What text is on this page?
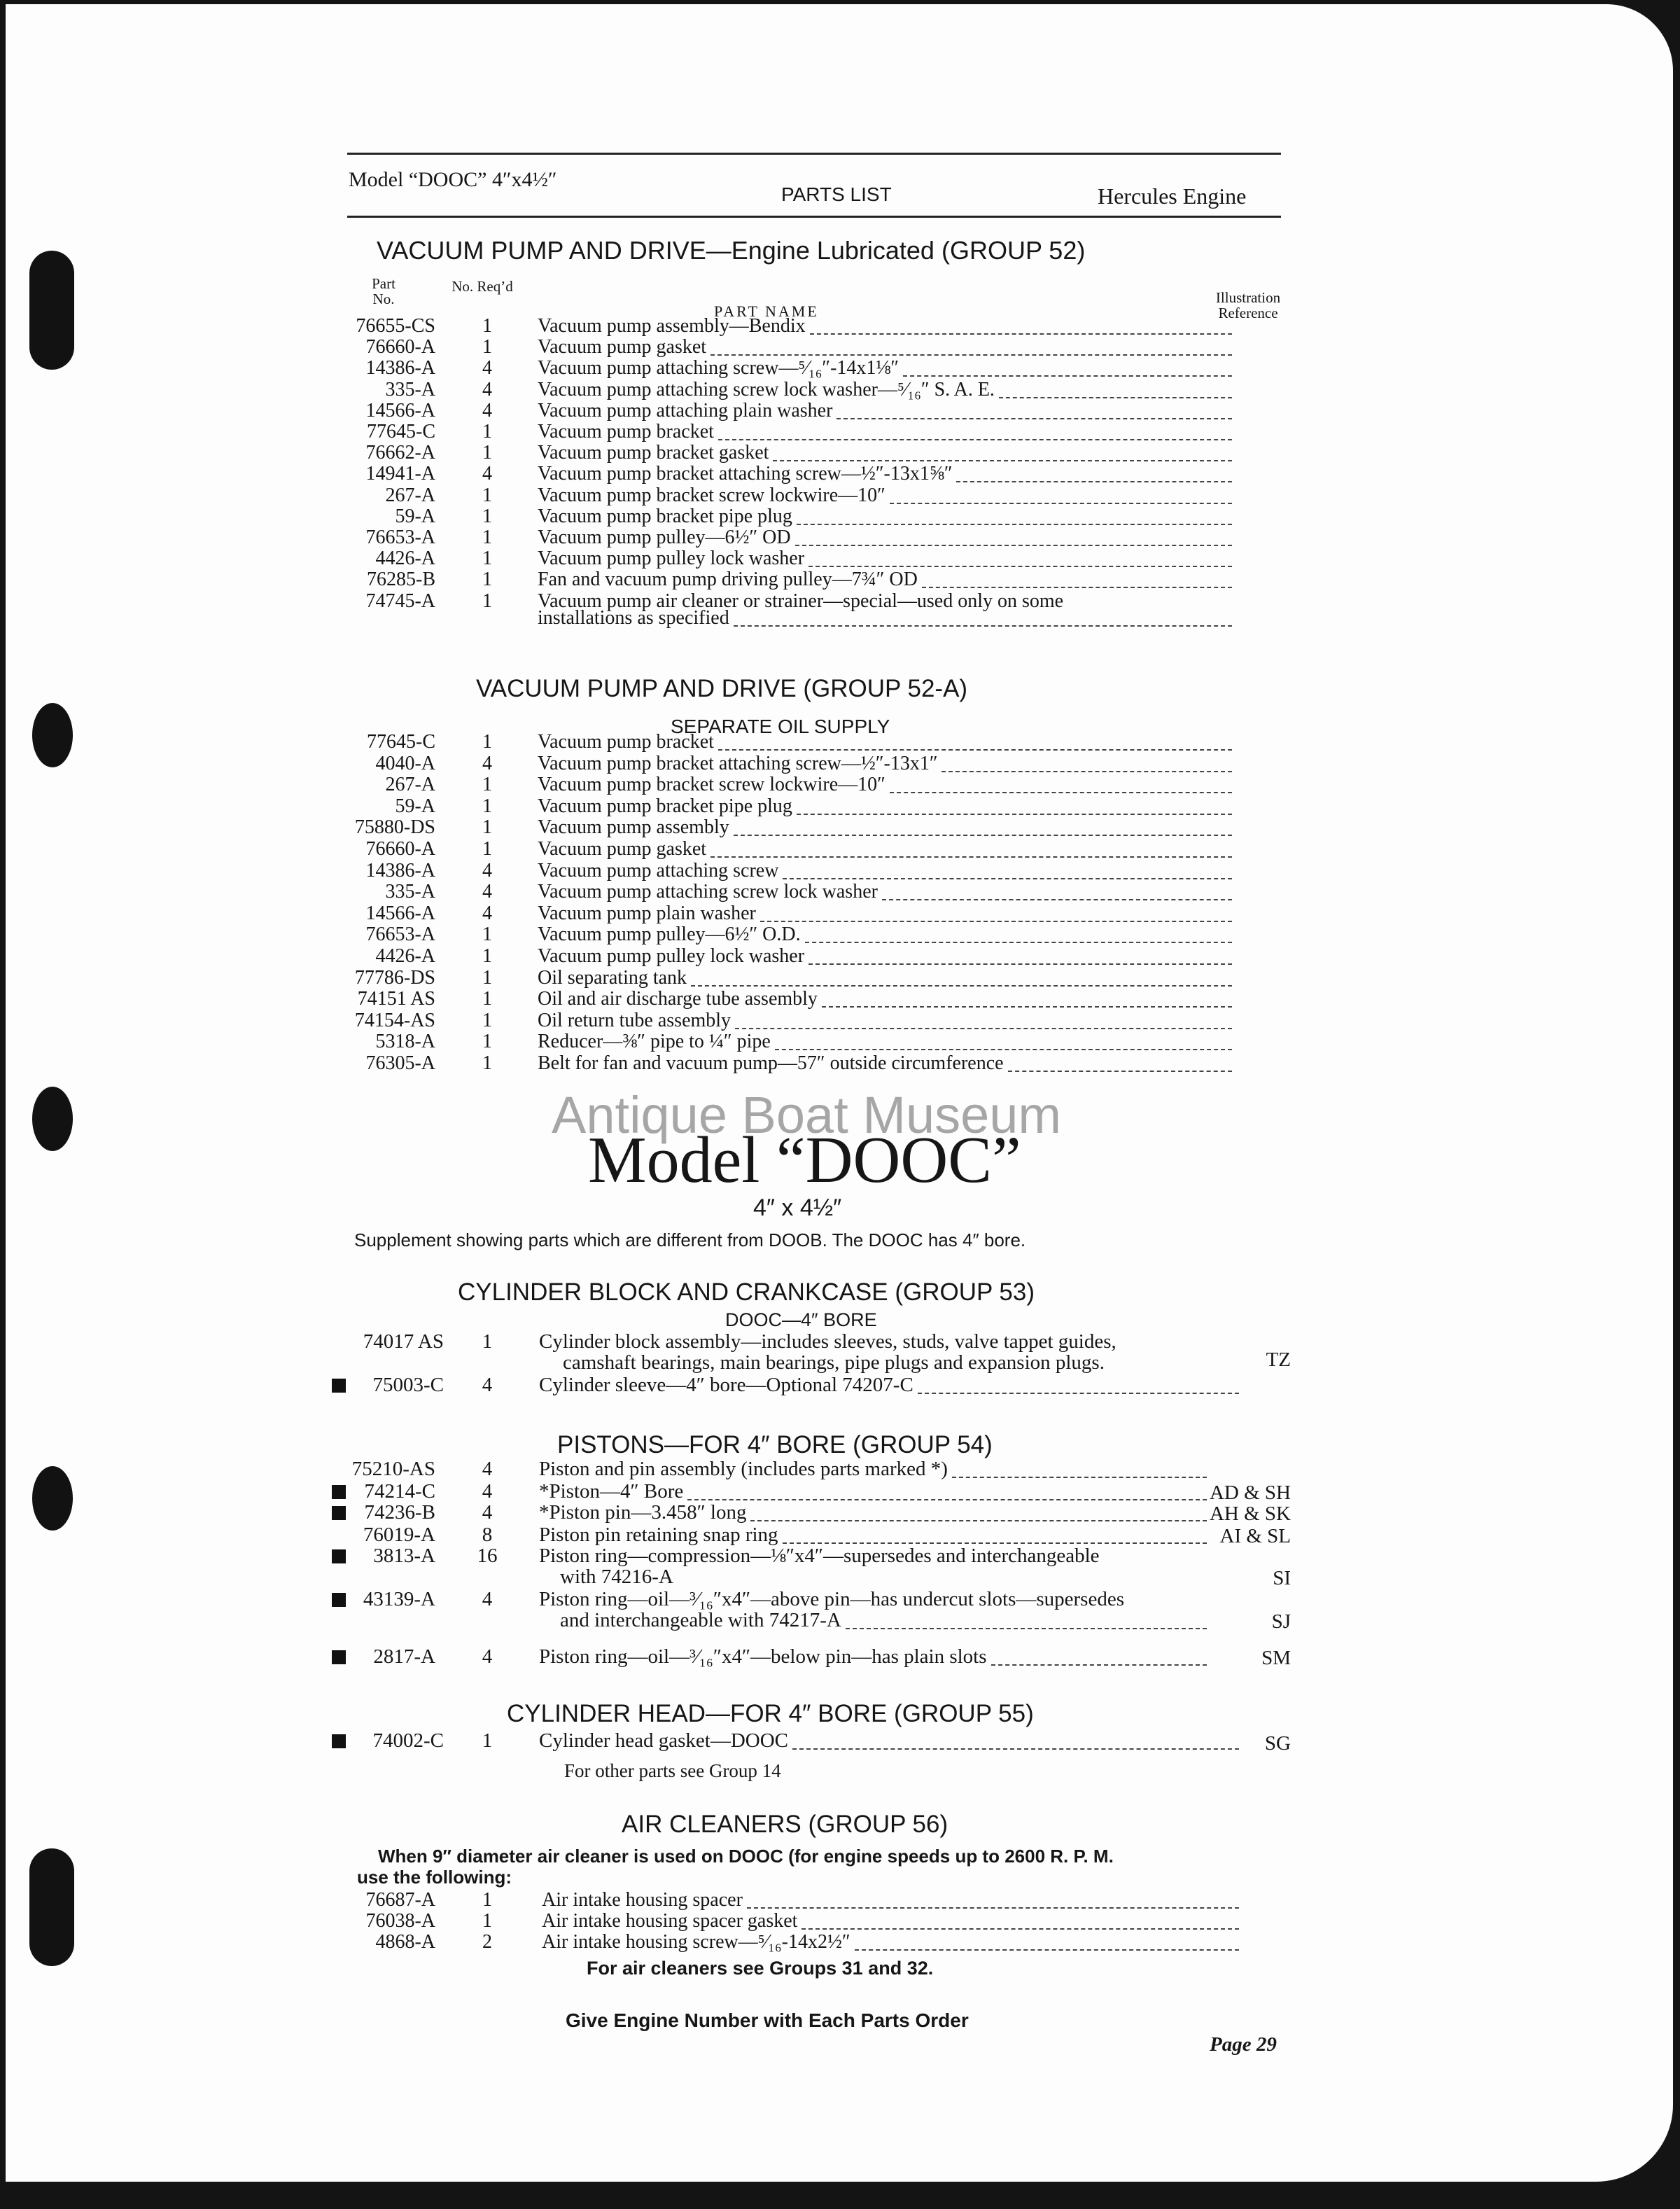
Model “DOOC” 4″x4½″
PARTS LIST	Hercules Engine
VACUUM PUMP AND DRIVE—Engine Lubricated (GROUP 52)
Part No.
No. Req’d
PART NAME
Illustration Reference
76655-CS	1	Vacuum pump assembly—Bendix
76660-A	1	Vacuum pump gasket
14386-A	4	Vacuum pump attaching screw—⁵⁄₁₆″-14x1⅛″
335-A	4	Vacuum pump attaching screw lock washer—⁵⁄₁₆″ S. A. E.
14566-A	4	Vacuum pump attaching plain washer
77645-C	1	Vacuum pump bracket
76662-A	1	Vacuum pump bracket gasket
14941-A	4	Vacuum pump bracket attaching screw—½″-13x1⅝″
267-A	1	Vacuum pump bracket screw lockwire—10″
59-A	1	Vacuum pump bracket pipe plug
76653-A	1	Vacuum pump pulley—6½″ OD
4426-A	1	Vacuum pump pulley lock washer
76285-B	1	Fan and vacuum pump driving pulley—7¾″ OD
74745-A	1	Vacuum pump air cleaner or strainer—special—used only on some
installations as specified
VACUUM PUMP AND DRIVE (GROUP 52-A)
SEPARATE OIL SUPPLY
77645-C	1	Vacuum pump bracket
4040-A	4	Vacuum pump bracket attaching screw—½″-13x1″
267-A	1	Vacuum pump bracket screw lockwire—10″
59-A	1	Vacuum pump bracket pipe plug
75880-DS	1	Vacuum pump assembly
76660-A	1	Vacuum pump gasket
14386-A	4	Vacuum pump attaching screw
335-A	4	Vacuum pump attaching screw lock washer
14566-A	4	Vacuum pump plain washer
76653-A	1	Vacuum pump pulley—6½″ O.D.
4426-A	1	Vacuum pump pulley lock washer
77786-DS	1	Oil separating tank
74151 AS	1	Oil and air discharge tube assembly
74154-AS	1	Oil return tube assembly
5318-A	1	Reducer—⅜″ pipe to ¼″ pipe
76305-A	1	Belt for fan and vacuum pump—57″ outside circumference
Antique Boat Museum
Model “DOOC”
4″ x 4½″
Supplement showing parts which are different from DOOB. The DOOC has 4″ bore.
CYLINDER BLOCK AND CRANKCASE (GROUP 53)
DOOC—4″ BORE
74017 AS	1	Cylinder block assembly—includes sleeves, studs, valve tappet guides,
camshaft bearings, main bearings, pipe plugs and expansion plugs.	TZ
75003-C	4	Cylinder sleeve—4″ bore—Optional 74207-C
PISTONS—FOR 4″ BORE (GROUP 54)
75210-AS	4	Piston and pin assembly (includes parts marked *)
74214-C	4	*Piston—4″ Bore	AD & SH
74236-B	4	*Piston pin—3.458″ long	AH & SK
76019-A	8	Piston pin retaining snap ring	AI & SL
3813-A 16 Piston ring—compression—⅛″x4″—supersedes and interchangeable
with 74216-A	SI
43139-A	4	Piston ring—oil—³⁄₁₆″x4″—above pin—has undercut slots—supersedes
and interchangeable with 74217-A	SJ
2817-A	4	Piston ring—oil—³⁄₁₆″x4″—below pin—has plain slots	SM
CYLINDER HEAD—FOR 4″ BORE (GROUP 55)
74002-C	1	Cylinder head gasket—DOOC	SG
For other parts see Group 14
AIR CLEANERS (GROUP 56)
When 9″ diameter air cleaner is used on DOOC (for engine speeds up to 2600 R. P. M.
use the following:
76687-A	1	Air intake housing spacer
76038-A	1	Air intake housing spacer gasket
4868-A	2	Air intake housing screw—⁵⁄₁₆-14x2½″
For air cleaners see Groups 31 and 32.
Give Engine Number with Each Parts Order
Page 29
